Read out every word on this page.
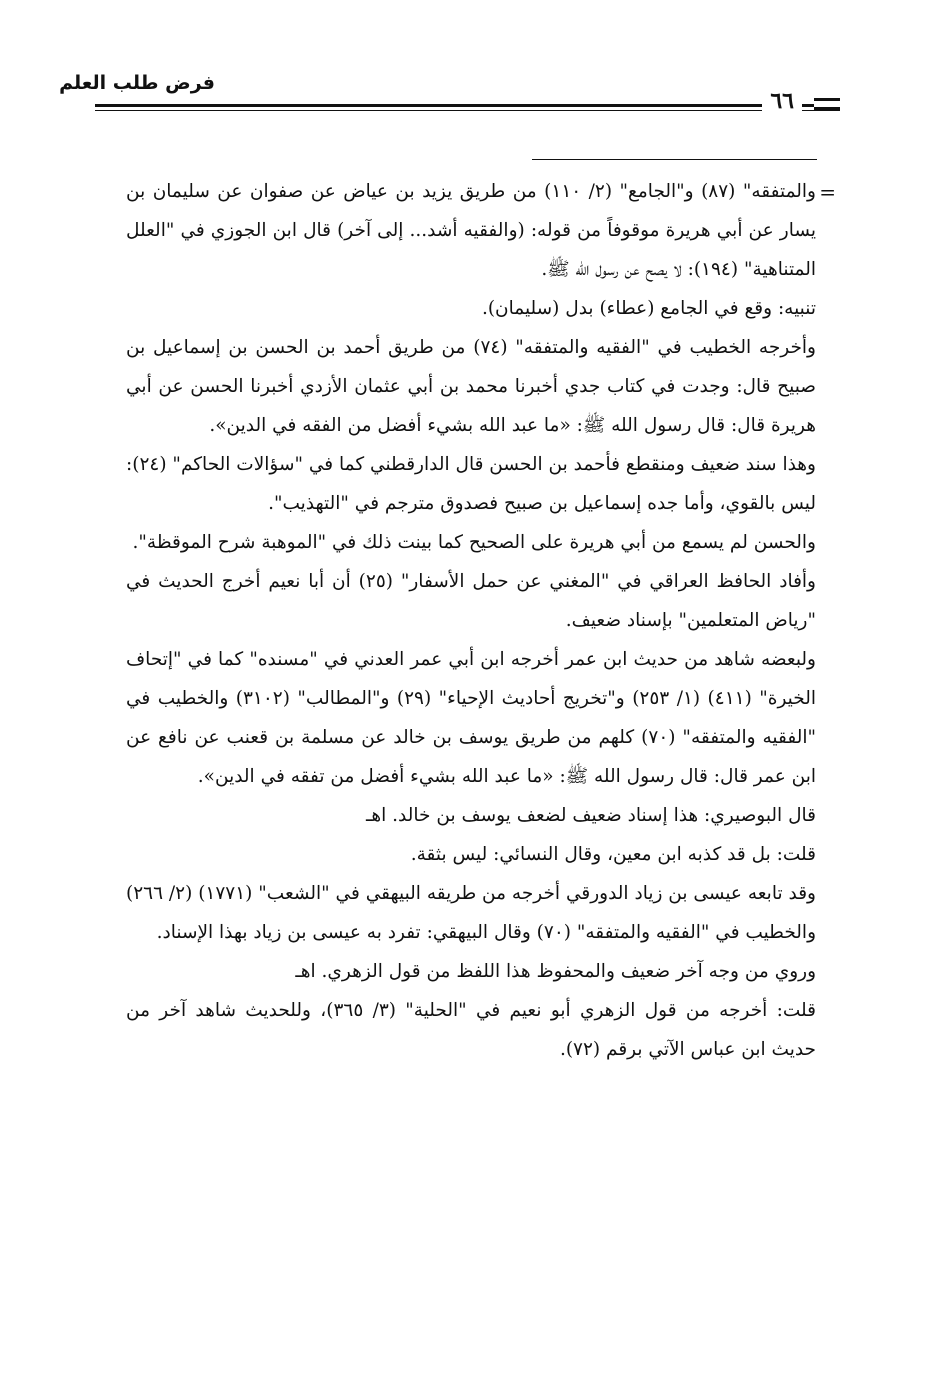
فرض طلب العلم
٦٦
=

والمتفقه" (٨٧) و"الجامع" (٢/ ١١٠) من طريق يزيد بن عياض عن صفوان عن سليمان بن يسار عن أبي هريرة موقوفاً من قوله: (والفقيه أشد... إلى آخر) قال ابن الجوزي في "العلل المتناهية" (١٩٤): لا يصح عن رسول الله ﷺ.

تنبيه: وقع في الجامع (عطاء) بدل (سليمان).

وأخرجه الخطيب في "الفقيه والمتفقه" (٧٤) من طريق أحمد بن الحسن بن إسماعيل بن صبيح قال: وجدت في كتاب جدي أخبرنا محمد بن أبي عثمان الأزدي أخبرنا الحسن عن أبي هريرة قال: قال رسول الله ﷺ: «ما عبد الله بشيء أفضل من الفقه في الدين».

وهذا سند ضعيف ومنقطع فأحمد بن الحسن قال الدارقطني كما في "سؤالات الحاكم" (٢٤): ليس بالقوي، وأما جده إسماعيل بن صبيح فصدوق مترجم في "التهذيب".

والحسن لم يسمع من أبي هريرة على الصحيح كما بينت ذلك في "الموهبة شرح الموقظة".

وأفاد الحافظ العراقي في "المغني عن حمل الأسفار" (٢٥) أن أبا نعيم أخرج الحديث في "رياض المتعلمين" بإسناد ضعيف.

ولبعضه شاهد من حديث ابن عمر أخرجه ابن أبي عمر العدني في "مسنده" كما في "إتحاف الخيرة" (٤١١) (١/ ٢٥٣) و"تخريج أحاديث الإحياء" (٢٩) و"المطالب" (٣١٠٢) والخطيب في "الفقيه والمتفقه" (٧٠) كلهم من طريق يوسف بن خالد عن مسلمة بن قعنب عن نافع عن ابن عمر قال: قال رسول الله ﷺ: «ما عبد الله بشيء أفضل من تفقه في الدين».

قال البوصيري: هذا إسناد ضعيف لضعف يوسف بن خالد. اهـ

قلت: بل قد كذبه ابن معين، وقال النسائي: ليس بثقة.

وقد تابعه عيسى بن زياد الدورقي أخرجه من طريقه البيهقي في "الشعب" (١٧٧١) (٢/ ٢٦٦) والخطيب في "الفقيه والمتفقه" (٧٠) وقال البيهقي: تفرد به عيسى بن زياد بهذا الإسناد.

وروي من وجه آخر ضعيف والمحفوظ هذا اللفظ من قول الزهري. اهـ

قلت: أخرجه من قول الزهري أبو نعيم في "الحلية" (٣/ ٣٦٥)، وللحديث شاهد آخر من حديث ابن عباس الآتي برقم (٧٢).
